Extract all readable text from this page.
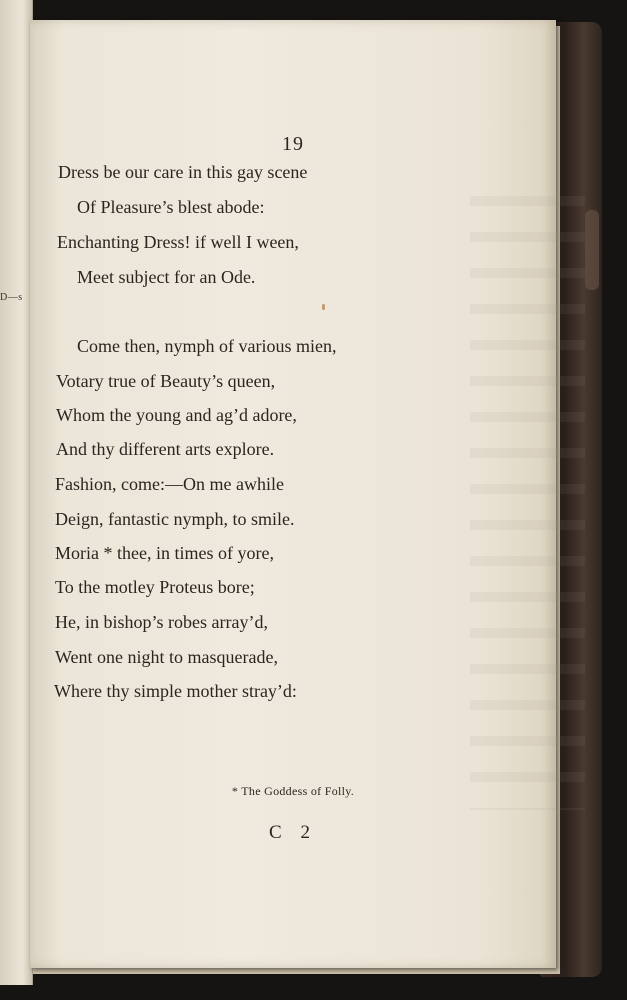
D—s
19
Dress be our care in this gay scene
Of Pleasure’s blest abode:
Enchanting Dress! if well I ween,
Meet subject for an Ode.
Come then, nymph of various mien,
Votary true of Beauty’s queen,
Whom the young and ag’d adore,
And thy different arts explore.
Fashion, come:—On me awhile
Deign, fantastic nymph, to smile.
Moria * thee, in times of yore,
To the motley Proteus bore;
He, in bishop’s robes array’d,
Went one night to masquerade,
Where thy simple mother stray’d:
* The Goddess of Folly.
C 2
